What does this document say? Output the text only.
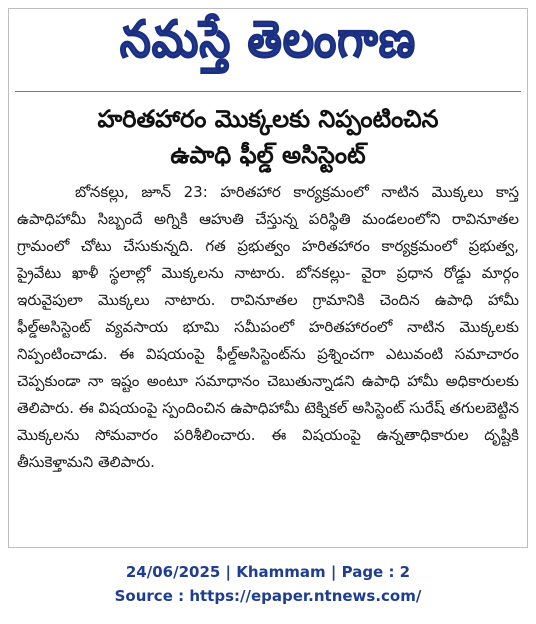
నమస్తే తెలంగాణ
హరితహారం మొక్కలకు నిప్పంటించిన
ఉపాధి ఫీల్డ్ అసిస్టెంట్
బోనకల్లు, జూన్ 23: హరితహార కార్యక్రమంలో నాటిన మొక్కలు కాస్త ఉపాధిహామీ సిబ్బందే అగ్నికి ఆహుతి చేస్తున్న పరిస్థితి మండలంలోని రావినూతల గ్రామంలో చోటు చేసుకున్నది. గత ప్రభుత్వం హరితహారం కార్యక్రమంలో ప్రభుత్వ, ప్రైవేటు ఖాళీ స్థలాల్లో మొక్కలను నాటారు. బోనకల్లు- వైరా ప్రధాన రోడ్డు మార్గం ఇరువైపులా మొక్కలు నాటారు. రావినూతల గ్రామానికి చెందిన ఉపాధి హామీ ఫీల్డ్‌అసిస్టెంట్ వ్యవసాయ భూమి సమీపంలో హరితహారంలో నాటిన మొక్కలకు నిప్పంటించాడు. ఈ విషయంపై ఫీల్డ్‌అసిస్టెంట్‌ను ప్రశ్నించగా ఎటువంటి సమాచారం చెప్పకుండా నా ఇష్టం అంటూ సమాధానం చెబుతున్నాడని ఉపాధి హామీ అధికారులకు తెలిపారు. ఈ విషయంపై స్పందించిన ఉపాధిహామీ టెక్నికల్ అసిస్టెంట్ సురేష్ తగులబెట్టిన మొక్కలను సోమవారం పరిశీలించారు. ఈ విషయంపై ఉన్నతాధికారుల దృష్టికి తీసుకెళ్తామని తెలిపారు.
24/06/2025 | Khammam | Page : 2
Source : https://epaper.ntnews.com/
